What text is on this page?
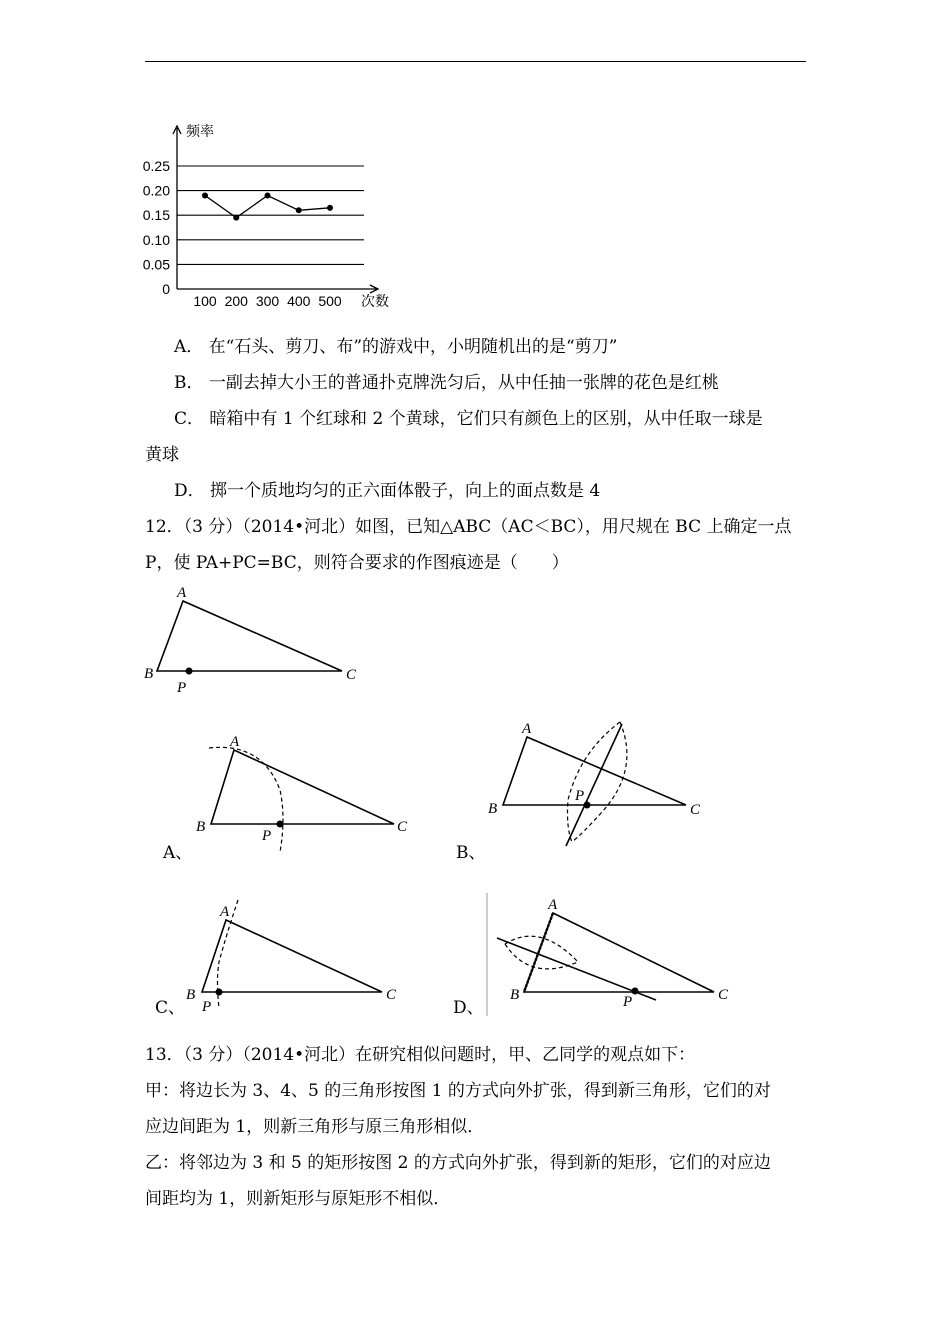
0
0.05
0.10
0.15
0.20
0.25
100 200 300 400 500
频率
次数
A． 在“石头、剪刀、布”的游戏中，小明随机出的是“剪刀”
B． 一副去掉大小王的普通扑克牌洗匀后，从中任抽一张牌的花色是红桃
C． 暗箱中有 1 个红球和 2 个黄球，它们只有颜色上的区别，从中任取一球是
黄球
D． 掷一个质地均匀的正六面体骰子，向上的面点数是 4
12．（3 分）（2014•河北）如图，已知△ABC（AC＜BC），用尺规在 BC 上确定一点
P，使 PA+PC=BC，则符合要求的作图痕迹是（　　）
A
B	C
P
A
B	C
P
A
B	C
P
A
B	C
P
A
B	C
P
A、	B、
C、	D、
13．（3 分）（2014•河北）在研究相似问题时，甲、乙同学的观点如下：
甲：将边长为 3、4、5 的三角形按图 1 的方式向外扩张，得到新三角形，它们的对
应边间距为 1，则新三角形与原三角形相似．
乙：将邻边为 3 和 5 的矩形按图 2 的方式向外扩张，得到新的矩形，它们的对应边
间距均为 1，则新矩形与原矩形不相似．
